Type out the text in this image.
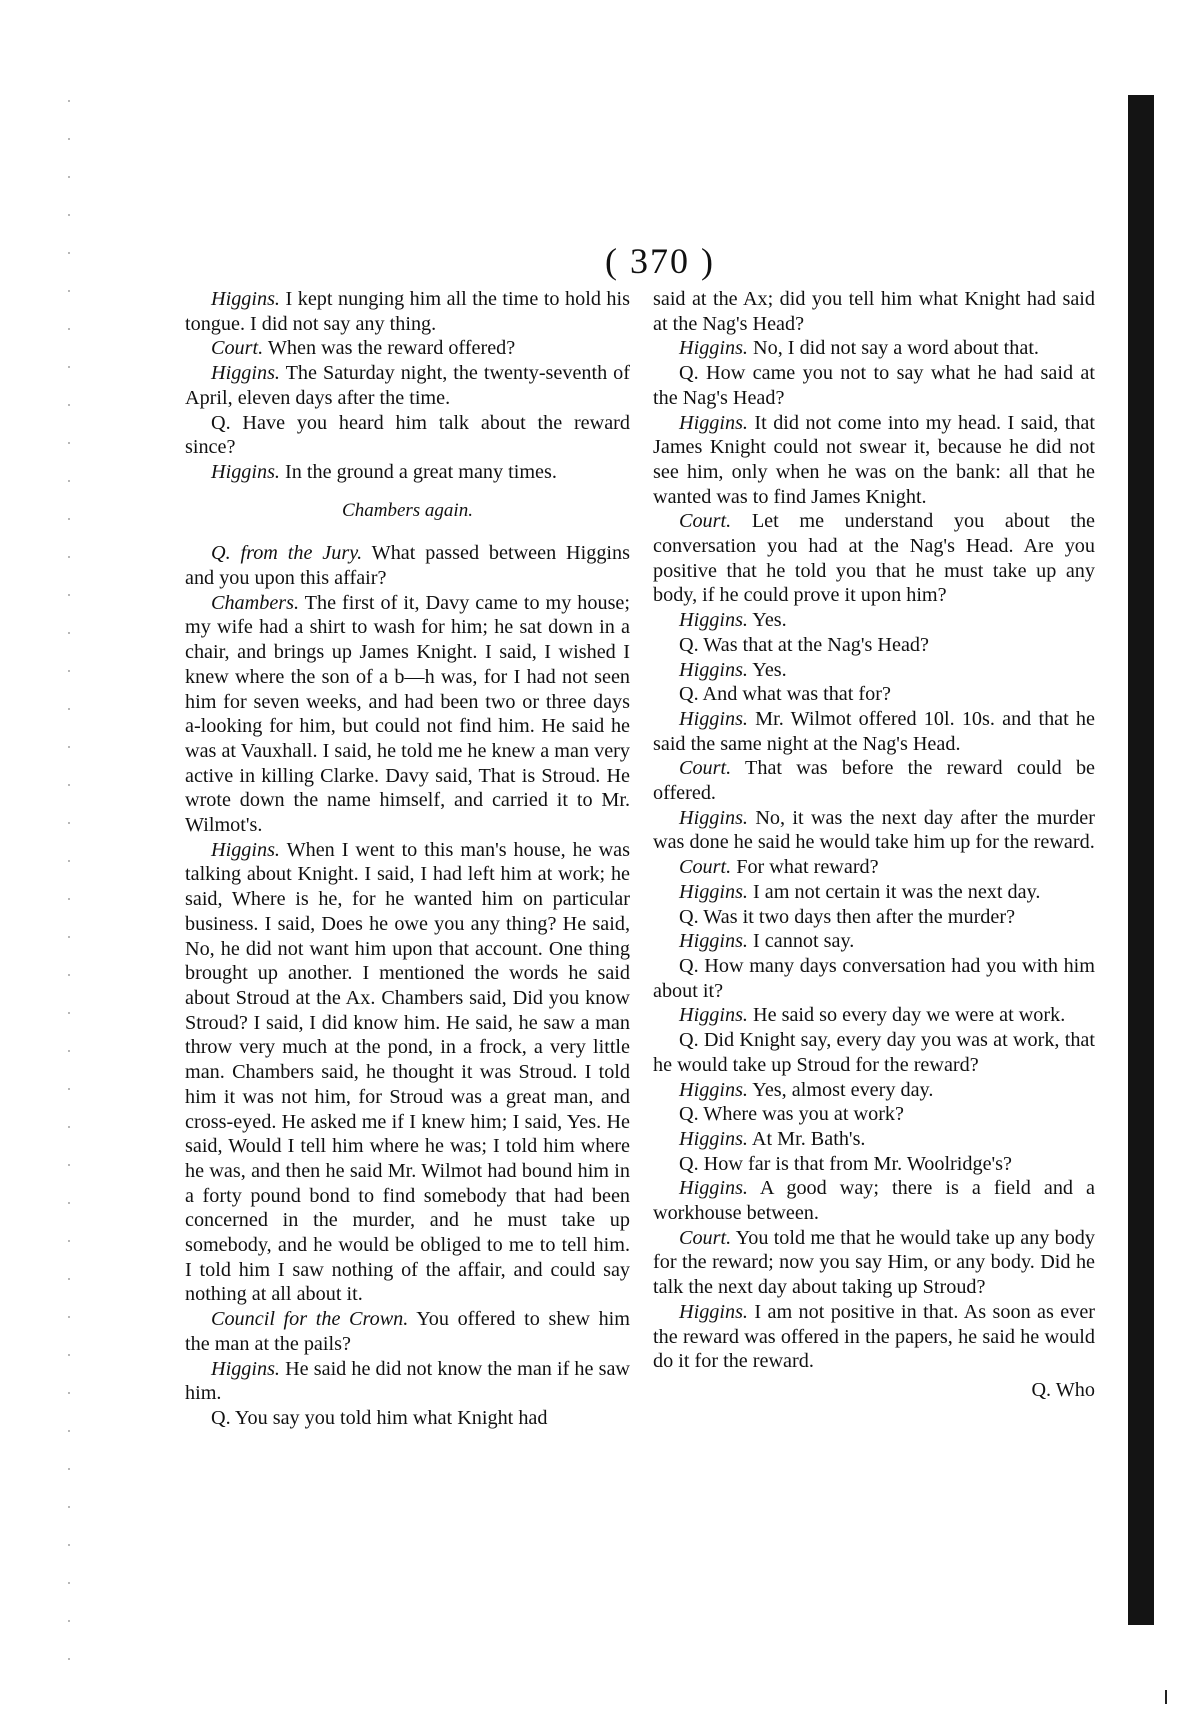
( 370 )

Higgins. I kept nunging him all the time to hold his tongue. I did not say any thing.

Court. When was the reward offered?

Higgins. The Saturday night, the twenty-seventh of April, eleven days after the time.

Q. Have you heard him talk about the reward since?

Higgins. In the ground a great many times.

Chambers again.

Q. from the Jury. What passed between Higgins and you upon this affair?

Chambers. The first of it, Davy came to my house; my wife had a shirt to wash for him; he sat down in a chair, and brings up James Knight. I said, I wished I knew where the son of a b—h was, for I had not seen him for seven weeks, and had been two or three days a-looking for him, but could not find him. He said he was at Vauxhall. I said, he told me he knew a man very active in killing Clarke. Davy said, That is Stroud. He wrote down the name himself, and carried it to Mr. Wilmot's.

Higgins. When I went to this man's house, he was talking about Knight. I said, I had left him at work; he said, Where is he, for he wanted him on particular business. I said, Does he owe you any thing? He said, No, he did not want him upon that account. One thing brought up another. I mentioned the words he said about Stroud at the Ax. Chambers said, Did you know Stroud? I said, I did know him. He said, he saw a man throw very much at the pond, in a frock, a very little man. Chambers said, he thought it was Stroud. I told him it was not him, for Stroud was a great man, and cross-eyed. He asked me if I knew him; I said, Yes. He said, Would I tell him where he was; I told him where he was, and then he said Mr. Wilmot had bound him in a forty pound bond to find somebody that had been concerned in the murder, and he must take up somebody, and he would be obliged to me to tell him. I told him I saw nothing of the affair, and could say nothing at all about it.

Council for the Crown. You offered to shew him the man at the pails?

Higgins. He said he did not know the man if he saw him.

Q. You say you told him what Knight had

said at the Ax; did you tell him what Knight had said at the Nag's Head?

Higgins. No, I did not say a word about that.

Q. How came you not to say what he had said at the Nag's Head?

Higgins. It did not come into my head. I said, that James Knight could not swear it, because he did not see him, only when he was on the bank: all that he wanted was to find James Knight.

Court. Let me understand you about the conversation you had at the Nag's Head. Are you positive that he told you that he must take up any body, if he could prove it upon him?

Higgins. Yes.

Q. Was that at the Nag's Head?

Higgins. Yes.

Q. And what was that for?

Higgins. Mr. Wilmot offered 10l. 10s. and that he said the same night at the Nag's Head.

Court. That was before the reward could be offered.

Higgins. No, it was the next day after the murder was done he said he would take him up for the reward.

Court. For what reward?

Higgins. I am not certain it was the next day.

Q. Was it two days then after the murder?

Higgins. I cannot say.

Q. How many days conversation had you with him about it?

Higgins. He said so every day we were at work.

Q. Did Knight say, every day you was at work, that he would take up Stroud for the reward?

Higgins. Yes, almost every day.

Q. Where was you at work?

Higgins. At Mr. Bath's.

Q. How far is that from Mr. Woolridge's?

Higgins. A good way; there is a field and a workhouse between.

Court. You told me that he would take up any body for the reward; now you say Him, or any body. Did he talk the next day about taking up Stroud?

Higgins. I am not positive in that. As soon as ever the reward was offered in the papers, he said he would do it for the reward.

Q. Who
